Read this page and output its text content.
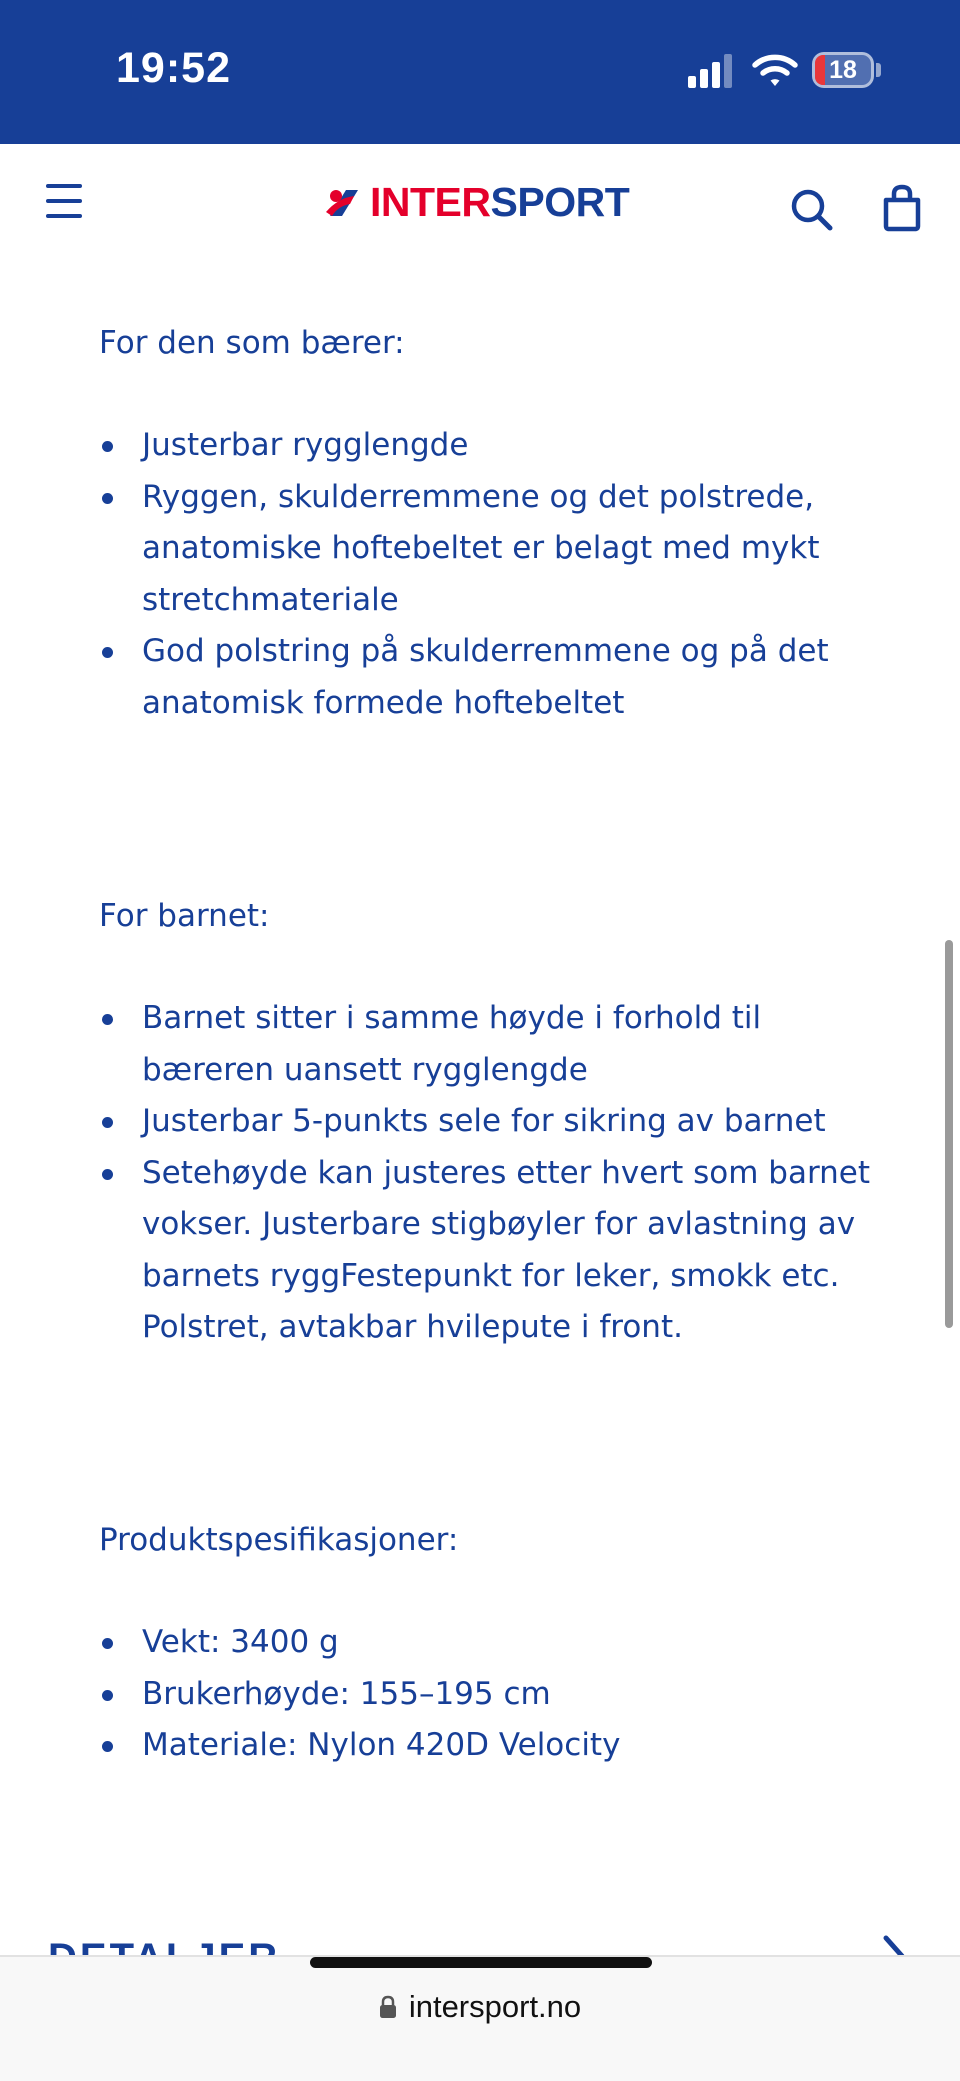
19:52	18
INTERSPORT
For den som bærer:
Justerbar rygglengde
Ryggen, skulderremmene og det polstrede, anatomiske hoftebeltet er belagt med mykt stretchmateriale
God polstring på skulderremmene og på det anatomisk formede hoftebeltet
For barnet:
Barnet sitter i samme høyde i forhold til bæreren uansett rygglengde
Justerbar 5-punkts sele for sikring av barnet
Setehøyde kan justeres etter hvert som barnet vokser. Justerbare stigbøyler for avlastning av barnets ryggFestepunkt for leker, smokk etc. Polstret, avtakbar hvilepute i front.
Produktspesifikasjoner:
Vekt: 3400 g
Brukerhøyde: 155–195 cm
Materiale: Nylon 420D Velocity
intersport.no
